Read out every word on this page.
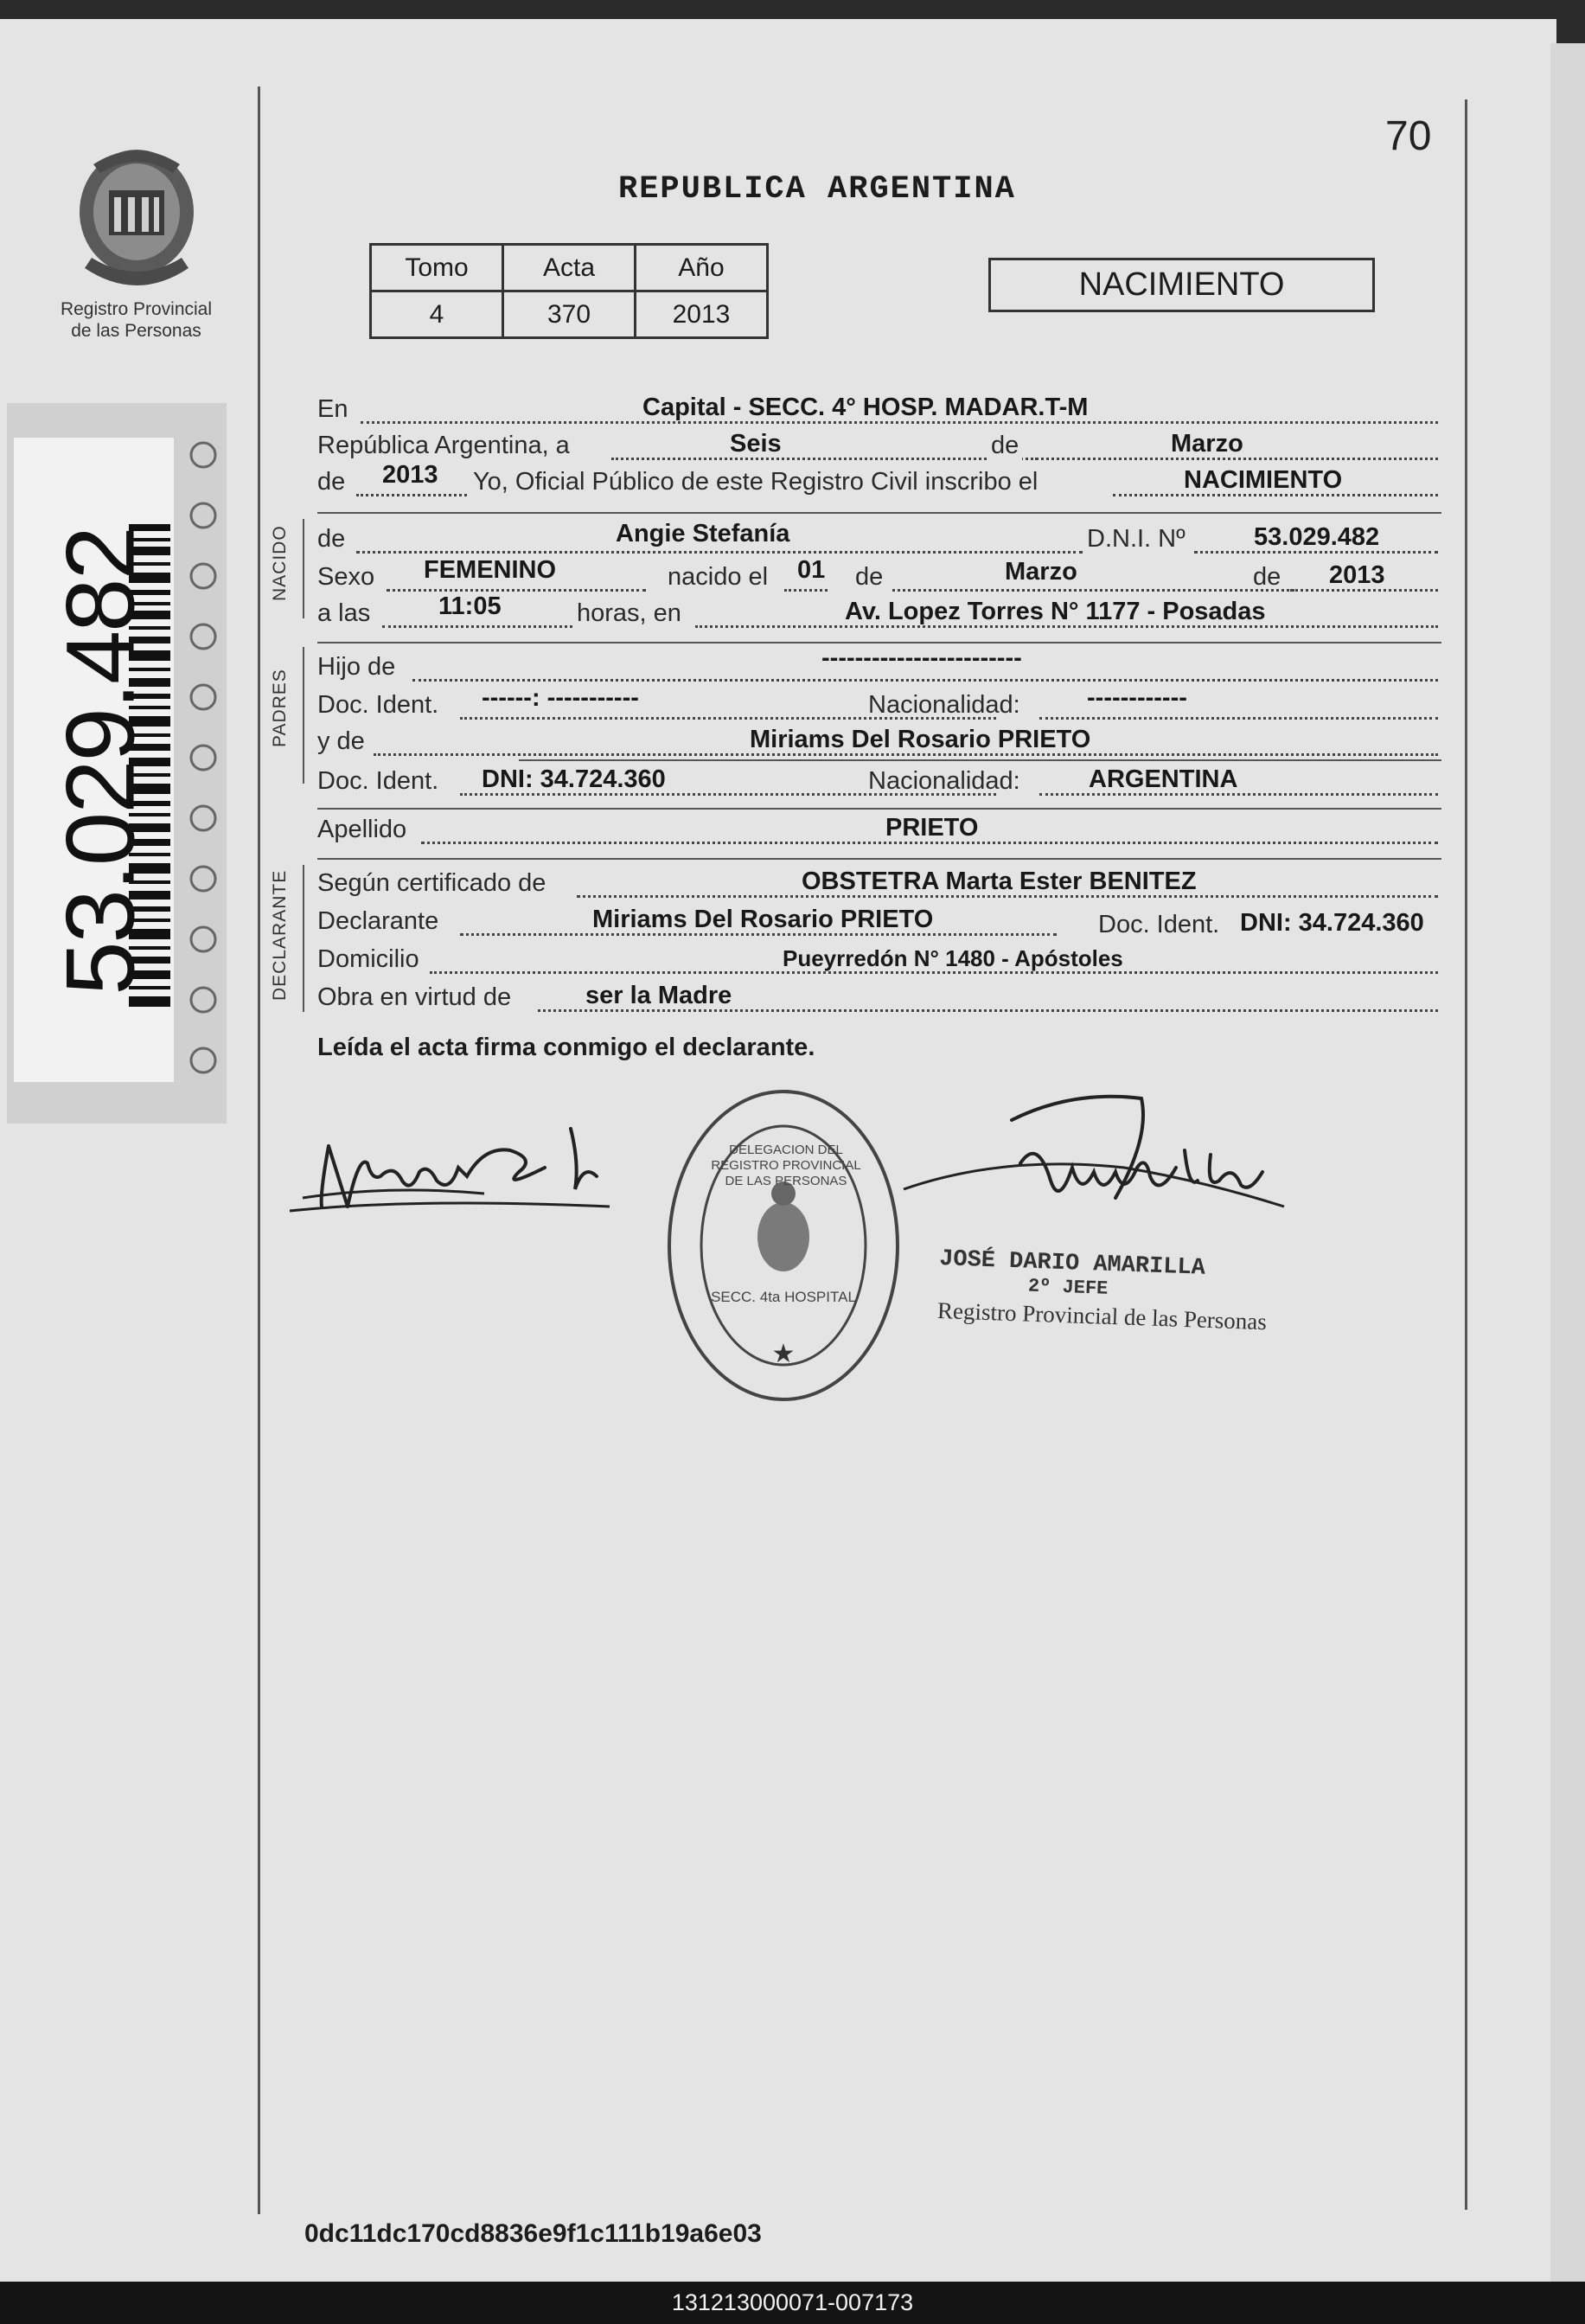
Registro Provincial
de las Personas
53.029.482
REPUBLICA ARGENTINA
70
Tomo	Acta	Año
4	370	2013
NACIMIENTO
En	Capital - SECC. 4° HOSP. MADAR.T-M
República Argentina, a	Seis	de	Marzo
de 2013 Yo, Oficial Público de este Registro Civil inscribo el	NACIMIENTO
NACIDO de	Angie Stefanía	D.N.I. Nº	53.029.482
Sexo FEMENINO	nacido el 01 de	Marzo	de 2013
a las	11:05	horas, en	Av. Lopez Torres N° 1177 - Posadas
PADRES
Hijo de	------------------------
Doc. Ident. ------: -----------	Nacionalidad:	------------
y de	Miriams Del Rosario PRIETO
Doc. Ident. DNI: 34.724.360	Nacionalidad:	ARGENTINA
Apellido	PRIETO
DECLARANTE Según certificado de	OBSTETRA Marta Ester BENITEZ
Declarante	Miriams Del Rosario PRIETO	Doc. Ident. DNI: 34.724.360
Domicilio	Pueyrredón N° 1480 - Apóstoles
Obra en virtud de	ser la Madre
Leída el acta firma conmigo el declarante.
★
DELEGACION DEL REGISTRO PROVINCIAL DE LAS PERSONAS
SECC. 4ta HOSPITAL
JOSÉ DARIO AMARILLA
2º JEFE
Registro Provincial de las Personas
0dc11dc170cd8836e9f1c111b19a6e03
131213000071-007173
